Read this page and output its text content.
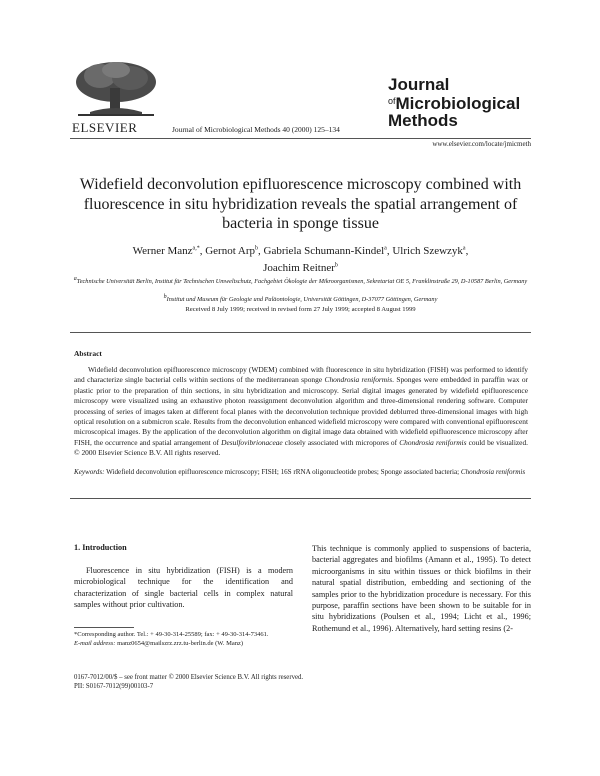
ELSEVIER	Journal of Microbiological Methods 40 (2000) 125–134
Journal
$^{of}$Microbiological
Methods
www.elsevier.com/locate/jmicmeth
Widefield deconvolution epifluorescence microscopy combined with fluorescence in situ hybridization reveals the spatial arrangement of bacteria in sponge tissue
Werner Manz$^{a,*}$, Gernot Arp$^b$, Gabriela Schumann-Kindel$^a$, Ulrich Szewzyk$^a$,
Joachim Reitner$^b$
$^a$Technische Universität Berlin, Institut für Technischen Umweltschutz, Fachgebiet Ökologie der Mikroorganismen, Sekretariat OE 5, Franklinstraße 29, D-10587 Berlin, Germany
$^b$Institut und Museum für Geologie und Paläontologie, Universität Göttingen, D-37077 Göttingen, Germany
Received 8 July 1999; received in revised form 27 July 1999; accepted 8 August 1999
Abstract
Widefield deconvolution epifluorescence microscopy (WDEM) combined with fluorescence in situ hybridization (FISH) was performed to identify and characterize single bacterial cells within sections of the mediterranean sponge Chondrosia reniformis. Sponges were embedded in paraffin wax or plastic prior to the preparation of thin sections, in situ hybridization and microscopy. Serial digital images generated by widefield epifluorescence microscopy were visualized using an exhaustive photon reassignment deconvolution algorithm and three-dimensional rendering software. Computer processing of series of images taken at different focal planes with the deconvolution technique provided deblurred three-dimensional images with high optical resolution on a submicron scale. Results from the deconvolution enhanced widefield microscopy were compared with conventional epifluorescent microscopical images. By the application of the deconvolution algorithm on digital image data obtained with widefield epifluorescence microscopy after FISH, the occurrence and spatial arrangement of Desulfovibrionaceae closely associated with micropores of Chondrosia reniformis could be visualized. © 2000 Elsevier Science B.V. All rights reserved.
Keywords: Widefield deconvolution epifluorescence microscopy; FISH; 16S rRNA oligonucleotide probes; Sponge associated bacteria; Chondrosia reniformis
1. Introduction
Fluorescence in situ hybridization (FISH) is a modern microbiological technique for the identification and characterization of single bacterial cells in complex natural samples without prior cultivation.
This technique is commonly applied to suspensions of bacteria, bacterial aggregates and biofilms (Amann et al., 1995). To detect microorganisms in situ within tissues or thick biofilms in their natural spatial distribution, embedding and sectioning of the samples prior to the hybridization procedure is necessary. For this purpose, paraffin sections have been shown to be suitable for in situ hybridizations (Poulsen et al., 1994; Licht et al., 1996; Rothemund et al., 1996). Alternatively, hard setting resins (2-
*Corresponding author. Tel.: + 49-30-314-25589; fax: + 49-30-314-73461.
E-mail address: manz0654@mailszrz.zrz.tu-berlin.de (W. Manz)
0167-7012/00/$ – see front matter © 2000 Elsevier Science B.V. All rights reserved.
PII: S0167-7012(99)00103-7
